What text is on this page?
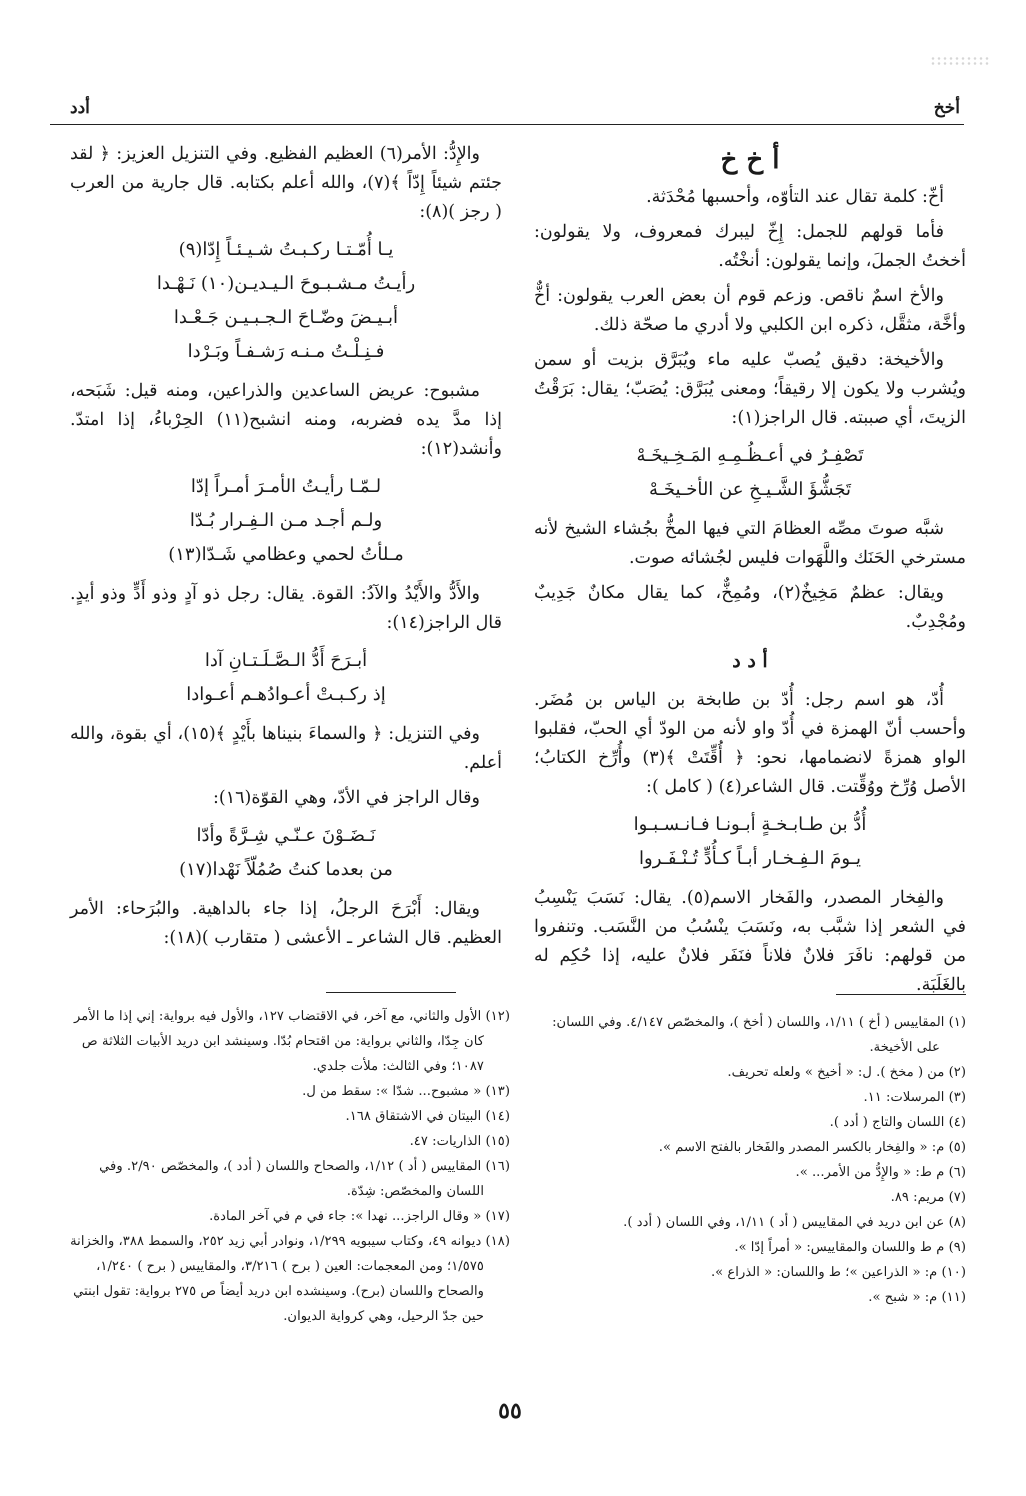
أخخ
أدد
أ خ خ

أخّ: كلمة تقال عند التأوّه، وأحسبها مُحْدَثة.

فأما قولهم للجمل: إِخّ ليبرك فمعروف، ولا يقولون: أخختُ الجملَ، وإنما يقولون: أنخْتُه.

والأخ اسمٌ ناقص. وزعم قوم أن بعض العرب يقولون: أخٌّ وأخَّة، مثقَّل، ذكره ابن الكلبي ولا أدري ما صحّة ذلك.

والأخيخة: دقيق يُصبّ عليه ماء ويُبَرَّق بزيت أو سمن ويُشرب ولا يكون إلا رقيقاً؛ ومعنى يُبَرَّق: يُصَبّ؛ يقال: بَرَقْتُ الزيتَ، أي صببته. قال الراجز(١):

تَصْفِـرُ في أعـظُـمِـهِ المَـخِـيخَـهْ
تَجَشُّؤَ الشَّـيـخِ عن الأخـيخَـهْ

شبَّه صوتَ مصِّه العظامَ التي فيها المخُّ بجُشاء الشيخ لأنه مسترخي الحَنَك واللَّهَوات فليس لجُشائه صوت.

ويقال: عظمٌ مَخِيخٌ(٢)، ومُمِخٌّ، كما يقال مكانٌ جَدِيبٌ ومُجْدِبٌ.

أ د د

أُدّ، هو اسم رجل: أُدّ بن طابخة بن الياس بن مُضَر. وأحسب أنّ الهمزة في أُدّ واو لأنه من الودّ أي الحبّ، فقلبوا الواو همزةً لانضمامها، نحو: ﴿ أُقِّتَتْ ﴾(٣) وأُرِّخ الكتابُ؛ الأصل وُرِّخ ووُقِّتت. قال الشاعر(٤) ( كامل ):

أُدُّ بن طـابـخـةٍ أبـونـا فـانـسـبـوا
يـومَ الـفِـخـار أبـاً كـأُدٍّ تُـنْـفَـروا

والفِخار المصدر، والفَخار الاسم(٥). يقال: نَسَبَ يَنْسِبُ في الشعر إذا شبَّب به، ونَسَبَ ينْسُبُ من النَّسَب. وتنفروا من قولهم: نافَرَ فلانٌ فلاناً فنَفَر فلانٌ عليه، إذا حُكِم له بالغَلَبَة.

والإِدُّ: الأمر(٦) العظيم الفظيع. وفي التنزيل العزيز: ﴿ لقد جئتم شيئاً إِدّاً ﴾(٧)، والله أعلم بكتابه. قال جارية من العرب ( رجز )(٨):

يـا أُمّـتـا ركـبـتُ شـيـئـاً إِدّا(٩)
رأيـتُ مـشـبـوحَ الـيـديـن(١٠) نَـهْـدا
أبـيـضَ وضّـاحَ الـجـبـيـن جَـعْـدا
فـنِـلْـتُ مـنـه رَشـفـاً وبَـرْدا

مشبوح: عريض الساعدين والذراعين، ومنه قيل: شَبَحه، إذا مدَّ يده فضربه، ومنه انشبح(١١) الحِرْباءُ، إذا امتدّ. وأنشد(١٢):

لـمّـا رأيـتُ الأمـرَ أمـراً إدّا
ولـم أجـد مـن الـفِـرار بُـدّا
مـلأتُ لحمي وعظامي شَـدّا(١٣)

والأَدُّ والأَيْدُ والآدُ: القوة. يقال: رجل ذو آدٍ وذو أَدٍّ وذو أيدٍ. قال الراجز(١٤):

أبـرَحَ أَدُّ الـصَّـلَـتـانِ آدا
إذ ركـبـتْ أعـوادُهـم أعـوادا

وفي التنزيل: ﴿ والسماءَ بنيناها بأَيْدٍ ﴾(١٥)، أي بقوة، والله أعلم.

وقال الراجز في الأدّ، وهي القوّة(١٦):

نَـضَـوْنَ عـنّـي شِـرَّةً وأدّا
من بعدما كنتُ صُمُلّاً نَهْدا(١٧)

ويقال: أَبْرَحَ الرجلُ، إذا جاء بالداهية. والبُرَحاء: الأمر العظيم. قال الشاعر ـ الأعشى ( متقارب )(١٨):

(١) المقاييس ( أخ ) ١/١١، واللسان ( أخخ )، والمخصّص ٤/١٤٧. وفي اللسان: على الأخيخة.
(٢) من ( مخخ ). ل: « أخيخ » ولعله تحريف.
(٣) المرسلات: ١١.
(٤) اللسان والتاج ( أدد ).
(٥) م: « والفِخار بالكسر المصدر والفَخار بالفتح الاسم ».
(٦) م ط: « والإِدُّ من الأمر... ».
(٧) مريم: ٨٩.
(٨) عن ابن دريد في المقاييس ( أد ) ١/١١، وفي اللسان ( أدد ).
(٩) م ط واللسان والمقاييس: « أمراً إدّا ».
(١٠) م: « الذراعين »؛ ط واللسان: « الذراع ».
(١١) م: « شبح ».
(١٢) الأول والثاني، مع آخر، في الاقتضاب ١٢٧، والأول فيه برواية: إني إذا ما الأمر كان جِدّا، والثاني برواية: من اقتحام بُدّا. وسينشد ابن دريد الأبيات الثلاثة ص ١٠٨٧؛ وفي الثالث: ملأت جلدي.
(١٣) « مشبوح... شدّا »: سقط من ل.
(١٤) البيتان في الاشتقاق ١٦٨.
(١٥) الذاريات: ٤٧.
(١٦) المقاييس ( أد ) ١/١٢، والصحاح واللسان ( أدد )، والمخصّص ٢/٩٠. وفي اللسان والمخصّص: شِدّة.
(١٧) « وقال الراجز... نهدا »: جاء في م في آخر المادة.
(١٨) ديوانه ٤٩، وكتاب سيبويه ١/٢٩٩، ونوادر أبي زيد ٢٥٢، والسمط ٣٨٨، والخزانة ١/٥٧٥؛ ومن المعجمات: العين ( برح ) ٣/٢١٦، والمقاييس ( برح ) ١/٢٤٠، والصحاح واللسان (برح). وسينشده ابن دريد أيضاً ص ٢٧٥ برواية: تقول ابنتي حين جدّ الرحيل، وهي كرواية الديوان.
٥٥
